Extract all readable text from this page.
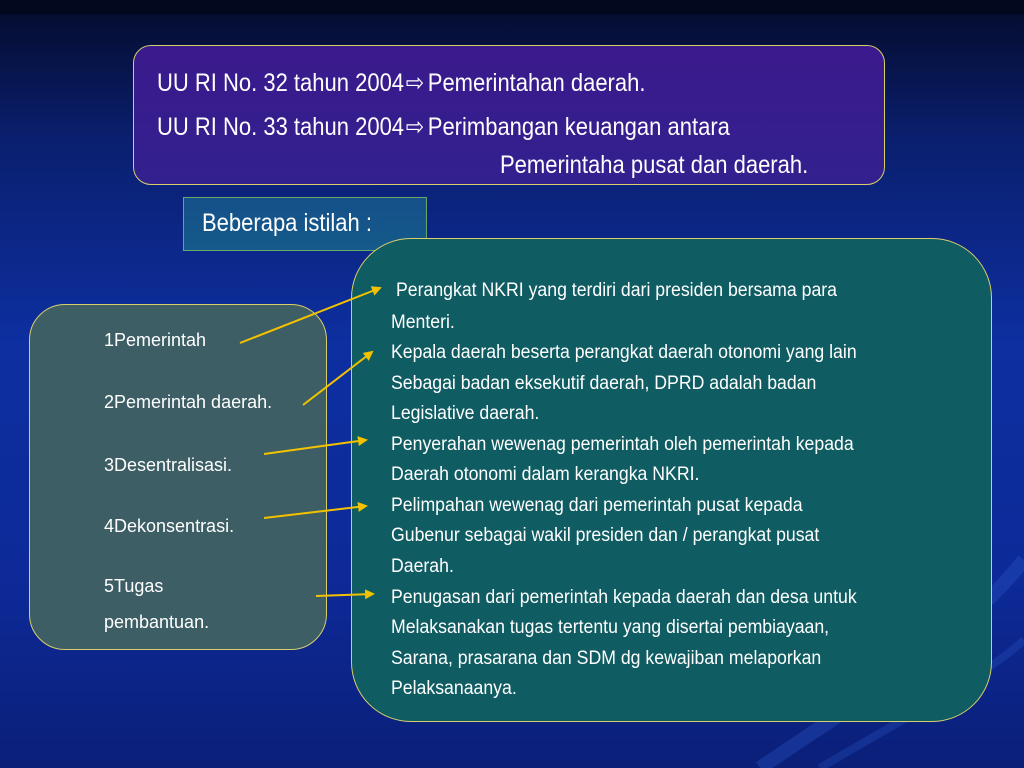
UU RI No. 32 tahun 2004⇨ Pemerintahan daerah.
UU RI No. 33 tahun 2004⇨ Perimbangan keuangan antara
Pemerintaha pusat dan daerah.
Beberapa istilah :
1Pemerintah
2Pemerintah daerah.
3Desentralisasi.
4Dekonsentrasi.
5Tugas
pembantuan.
Perangkat NKRI yang terdiri dari presiden bersama para
Menteri.
Kepala daerah beserta perangkat daerah otonomi yang lain
Sebagai badan eksekutif daerah, DPRD adalah badan
Legislative daerah.
Penyerahan wewenag pemerintah oleh pemerintah kepada
Daerah otonomi dalam kerangka NKRI.
Pelimpahan wewenag dari pemerintah pusat kepada
Gubenur sebagai wakil presiden dan / perangkat pusat
Daerah.
Penugasan dari pemerintah kepada daerah dan desa untuk
Melaksanakan tugas tertentu yang disertai pembiayaan,
Sarana, prasarana dan SDM dg kewajiban melaporkan
Pelaksanaanya.
